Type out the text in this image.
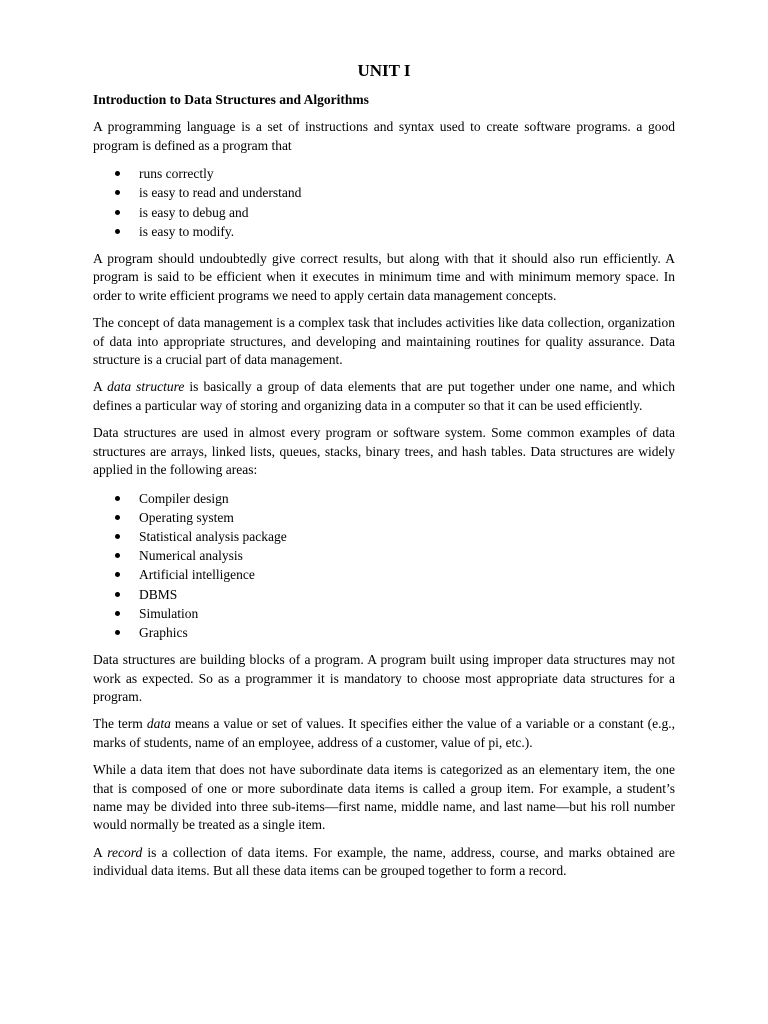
UNIT I
Introduction to Data Structures and Algorithms

A programming language is a set of instructions and syntax used to create software programs. a good program is defined as a program that

runs correctly
is easy to read and understand
is easy to debug and
is easy to modify.

A program should undoubtedly give correct results, but along with that it should also run efficiently. A program is said to be efficient when it executes in minimum time and with minimum memory space. In order to write efficient programs we need to apply certain data management concepts.

The concept of data management is a complex task that includes activities like data collection, organization of data into appropriate structures, and developing and maintaining routines for quality assurance. Data structure is a crucial part of data management.

A data structure is basically a group of data elements that are put together under one name, and which defines a particular way of storing and organizing data in a computer so that it can be used efficiently.

Data structures are used in almost every program or software system. Some common examples of data structures are arrays, linked lists, queues, stacks, binary trees, and hash tables. Data structures are widely applied in the following areas:

Compiler design
Operating system
Statistical analysis package
Numerical analysis
Artificial intelligence
DBMS
Simulation
Graphics

Data structures are building blocks of a program. A program built using improper data structures may not work as expected. So as a programmer it is mandatory to choose most appropriate data structures for a program.

The term data means a value or set of values. It specifies either the value of a variable or a constant (e.g., marks of students, name of an employee, address of a customer, value of pi, etc.).

While a data item that does not have subordinate data items is categorized as an elementary item, the one that is composed of one or more subordinate data items is called a group item. For example, a student’s name may be divided into three sub-items—first name, middle name, and last name—but his roll number would normally be treated as a single item.

A record is a collection of data items. For example, the name, address, course, and marks obtained are individual data items. But all these data items can be grouped together to form a record.
